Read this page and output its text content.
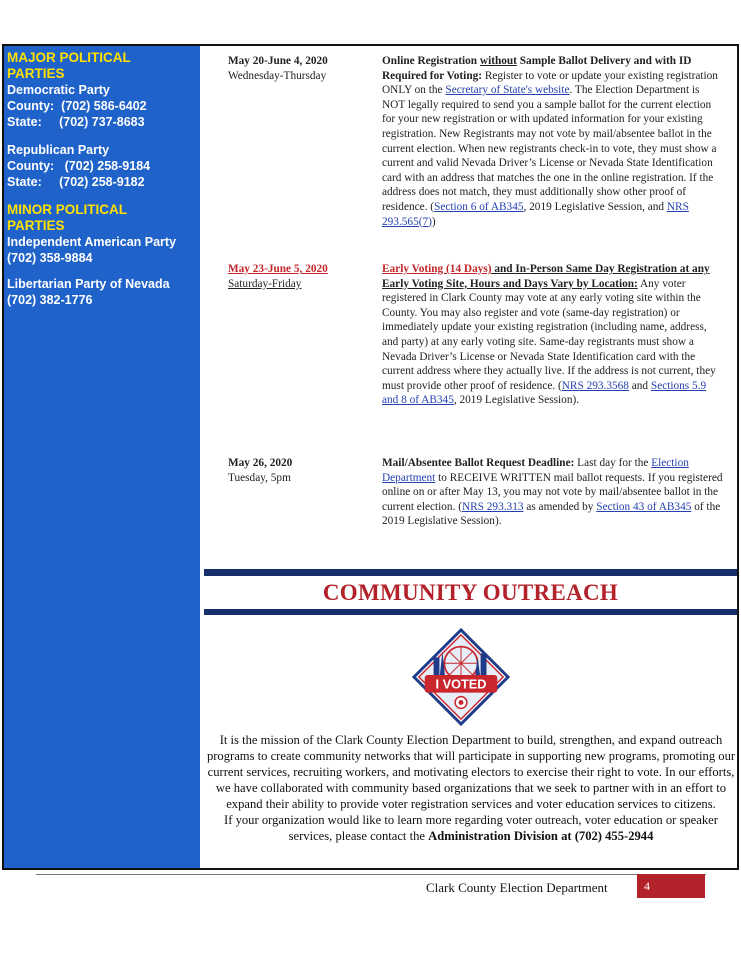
MAJOR POLITICAL
PARTIES
Democratic Party
County:  (702) 586-6402
State:     (702) 737-8683
Republican Party
County:   (702) 258-9184
State:     (702) 258-9182
MINOR POLITICAL
PARTIES
Independent American Party
(702) 358-9884
Libertarian Party of Nevada
(702) 382-1776
May 20-June 4, 2020
Wednesday-Thursday
Online Registration without Sample Ballot Delivery and with ID Required for Voting: Register to vote or update your existing registration ONLY on the Secretary of State's website. The Election Department is NOT legally required to send you a sample ballot for the current election for your new registration or with updated information for your existing registration. New Registrants may not vote by mail/absentee ballot in the current election. When new registrants check-in to vote, they must show a current and valid Nevada Driver’s License or Nevada State Identification card with an address that matches the one in the online registration. If the address does not match, they must additionally show other proof of residence. (Section 6 of AB345, 2019 Legislative Session, and NRS 293.565(7))
May 23-June 5, 2020
Saturday-Friday
Early Voting (14 Days) and In-Person Same Day Registration at any Early Voting Site, Hours and Days Vary by Location: Any voter registered in Clark County may vote at any early voting site within the County. You may also register and vote (same-day registration) or immediately update your existing registration (including name, address, and party) at any early voting site. Same-day registrants must show a Nevada Driver’s License or Nevada State Identification card with the current address where they actually live. If the address is not current, they must provide other proof of residence. (NRS 293.3568 and Sections 5.9 and 8 of AB345, 2019 Legislative Session).
May 26, 2020
Tuesday, 5pm
Mail/Absentee Ballot Request Deadline: Last day for the Election Department to RECEIVE WRITTEN mail ballot requests. If you registered online on or after May 13, you may not vote by mail/absentee ballot in the current election. (NRS 293.313 as amended by Section 43 of AB345 of the 2019 Legislative Session).
COMMUNITY OUTREACH
I VOTED
It is the mission of the Clark County Election Department to build, strengthen, and expand outreach programs to create community networks that will participate in supporting new programs, promoting our current services, recruiting workers, and motivating electors to exercise their right to vote. In our efforts, we have collaborated with community based organizations that we seek to partner with in an effort to expand their ability to provide voter registration services and voter education services to citizens.
If your organization would like to learn more regarding voter outreach, voter education or speaker services, please contact the Administration Division at (702) 455-2944
Clark County Election Department	4
